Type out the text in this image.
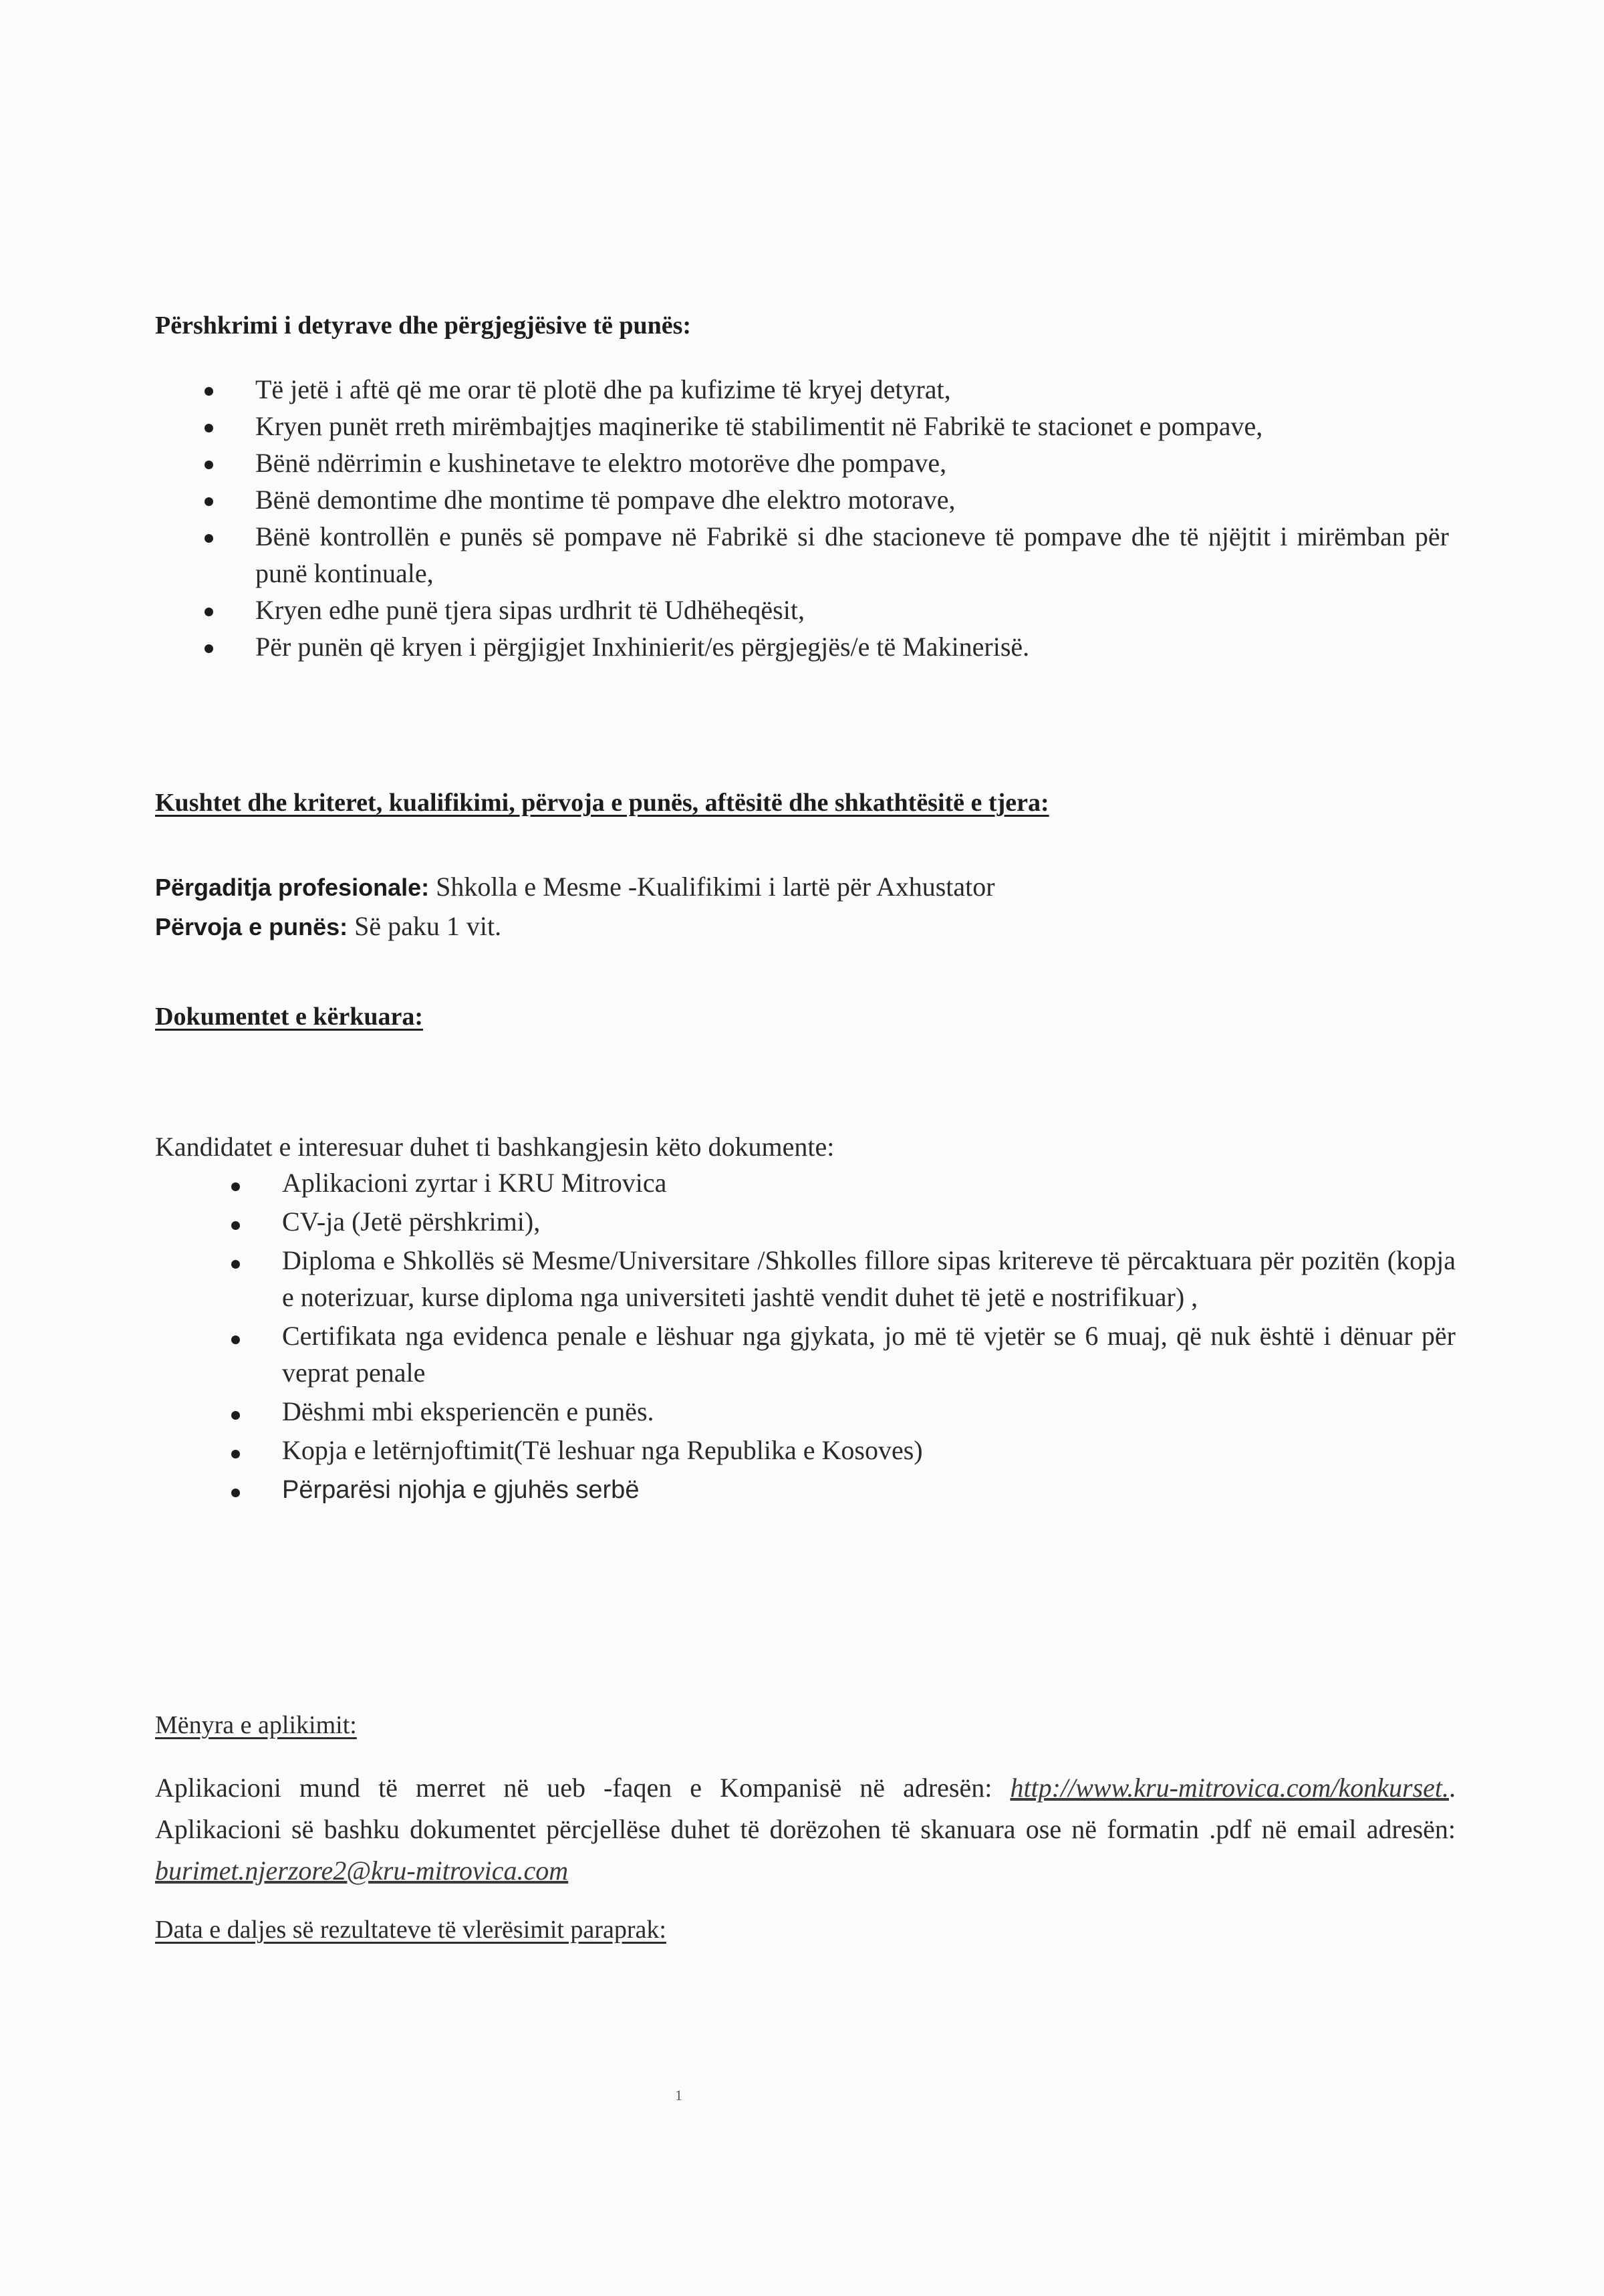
Përshkrimi i detyrave dhe përgjegjësive të punës:
Të jetë i aftë që me orar të plotë dhe pa kufizime të kryej detyrat,
Kryen punët rreth mirëmbajtjes maqinerike të stabilimentit në Fabrikë te stacionet e pompave,
Bënë ndërrimin e kushinetave te elektro motorëve dhe pompave,
Bënë demontime dhe montime të pompave dhe elektro motorave,
Bënë kontrollën e punës së pompave në Fabrikë si dhe stacioneve të pompave dhe të njëjtit i mirëmban për punë kontinuale,
Kryen edhe punë tjera sipas urdhrit të Udhëheqësit,
Për punën që kryen i përgjigjet Inxhinierit/es përgjegjës/e të Makinerisë.
Kushtet dhe kriteret, kualifikimi, përvoja e punës, aftësitë dhe shkathtësitë e tjera:

Përgaditja profesionale: Shkolla e Mesme -Kualifikimi i lartë për Axhustator

Përvoja e punës: Së paku 1 vit.

Dokumentet e kërkuara:

Kandidatet e interesuar duhet ti bashkangjesin këto dokumente:

Aplikacioni zyrtar i KRU Mitrovica
CV-ja (Jetë përshkrimi),
Diploma e Shkollës së Mesme/Universitare /Shkolles fillore sipas kritereve të përcaktuara për pozitën (kopja e noterizuar, kurse diploma nga universiteti jashtë vendit duhet të jetë e nostrifikuar) ,
Certifikata nga evidenca penale e lëshuar nga gjykata, jo më të vjetër se 6 muaj, që nuk është i dënuar për veprat penale
Dëshmi mbi eksperiencën e punës.
Kopja e letërnjoftimit(Të leshuar nga Republika e Kosoves)
Përparësi njohja e gjuhës serbë
Mënyra e aplikimit:

Aplikacioni mund të merret në ueb -faqen e Kompanisë në adresën: http://www.kru-mitrovica.com/konkurset.. Aplikacioni së bashku dokumentet përcjellëse duhet të dorëzohen të skanuara ose në formatin .pdf në email adresën: burimet.njerzore2@kru-mitrovica.com

Data e daljes së rezultateve të vlerësimit paraprak:
1
